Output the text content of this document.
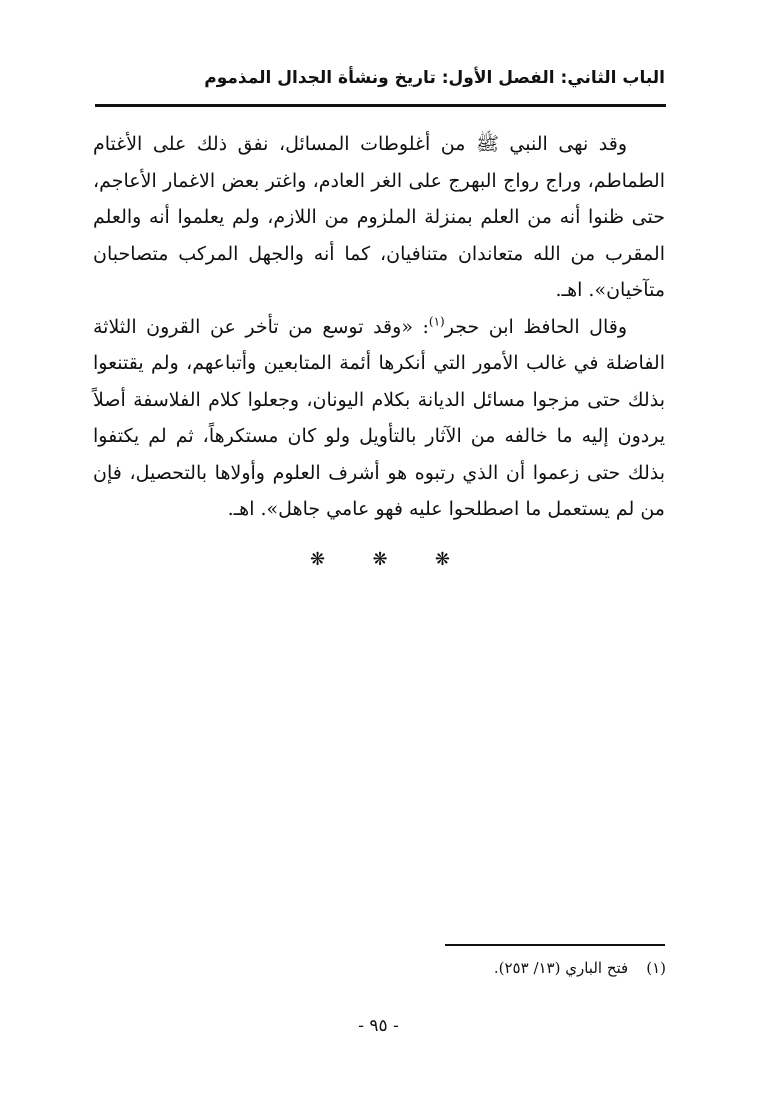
الباب الثاني: الفصل الأول: تاريخ ونشأة الجدال المذموم

وقد نهى النبي ﷺ من أغلوطات المسائل، نفق ذلك على الأغتام الطماطم، وراج رواج البهرج على الغر العادم، واغتر بعض الاغمار الأعاجم، حتى ظنوا أنه من العلم بمنزلة الملزوم من اللازم، ولم يعلموا أنه والعلم المقرب من الله متعاندان متنافيان، كما أنه والجهل المركب متصاحبان متآخيان». اهـ.

وقال الحافظ ابن حجر$^{(١)}$: «وقد توسع من تأخر عن القرون الثلاثة الفاضلة في غالب الأمور التي أنكرها أئمة المتابعين وأتباعهم، ولم يقتنعوا بذلك حتى مزجوا مسائل الديانة بكلام اليونان، وجعلوا كلام الفلاسفة أصلاً يردون إليه ما خالفه من الآثار بالتأويل ولو كان مستكرهاً، ثم لم يكتفوا بذلك حتى زعموا أن الذي رتبوه هو أشرف العلوم وأولاها بالتحصيل، فإن من لم يستعمل ما اصطلحوا عليه فهو عامي جاهل». اهـ.

❋	❋	❋
(١)فتح الباري (١٣/ ٢٥٣).
- ٩٥ -
